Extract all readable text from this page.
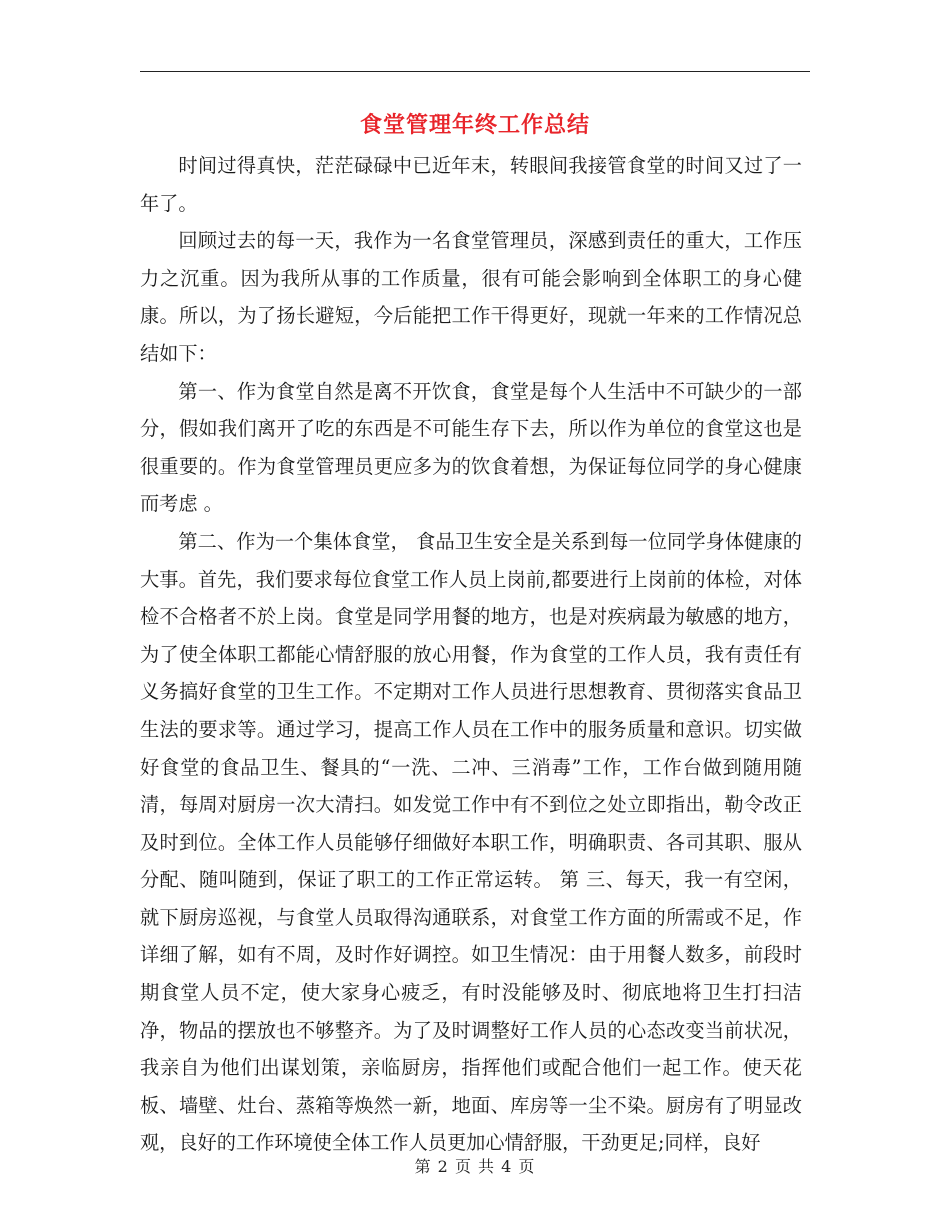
食堂管理年终工作总结

时间过得真快，茫茫碌碌中已近年末，转眼间我接管食堂的时间又过了一年了。

回顾过去的每一天，我作为一名食堂管理员，深感到责任的重大，工作压力之沉重。因为我所从事的工作质量，很有可能会影响到全体职工的身心健康。所以，为了扬长避短，今后能把工作干得更好，现就一年来的工作情况总结如下：

第一、作为食堂自然是离不开饮食，食堂是每个人生活中不可缺少的一部分，假如我们离开了吃的东西是不可能生存下去，所以作为单位的食堂这也是很重要的。作为食堂管理员更应多为的饮食着想，为保证每位同学的身心健康而考虑 。

第二、作为一个集体食堂， 食品卫生安全是关系到每一位同学身体健康的大事。首先，我们要求每位食堂工作人员上岗前,都要进行上岗前的体检，对体检不合格者不於上岗。食堂是同学用餐的地方，也是对疾病最为敏感的地方，为了使全体职工都能心情舒服的放心用餐，作为食堂的工作人员，我有责任有义务搞好食堂的卫生工作。不定期对工作人员进行思想教育、贯彻落实食品卫生法的要求等。通过学习，提高工作人员在工作中的服务质量和意识。切实做好食堂的食品卫生、餐具的“一洗、二冲、三消毒”工作，工作台做到随用随清，每周对厨房一次大清扫。如发觉工作中有不到位之处立即指出，勒令改正及时到位。全体工作人员能够仔细做好本职工作，明确职责、各司其职、服从分配、随叫随到，保证了职工的工作正常运转。 第 三、每天，我一有空闲，就下厨房巡视，与食堂人员取得沟通联系，对食堂工作方面的所需或不足，作详细了解，如有不周，及时作好调控。如卫生情况：由于用餐人数多，前段时期食堂人员不定，使大家身心疲乏，有时没能够及时、彻底地将卫生打扫洁净，物品的摆放也不够整齐。为了及时调整好工作人员的心态改变当前状况，我亲自为他们出谋划策，亲临厨房，指挥他们或配合他们一起工作。使天花板、墙壁、灶台、蒸箱等焕然一新，地面、库房等一尘不染。厨房有了明显改观，良好的工作环境使全体工作人员更加心情舒服，干劲更足;同样，良好

第 2 页 共 4 页
